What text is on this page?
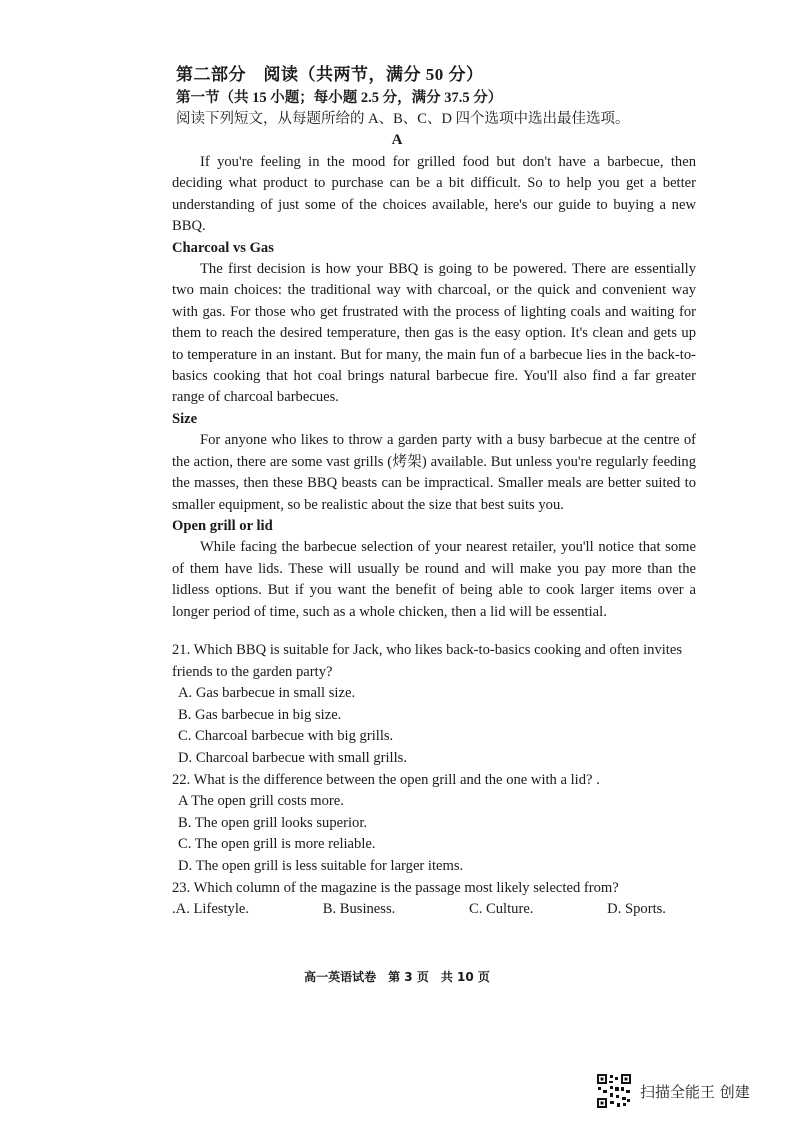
第二部分　阅读（共两节，满分 50 分）
第一节（共 15 小题；每小题 2.5 分，满分 37.5 分）
阅读下列短文，从每题所给的 A、B、C、D 四个选项中选出最佳选项。
A

If you're feeling in the mood for grilled food but don't have a barbecue, then deciding what product to purchase can be a bit difficult. So to help you get a better understanding of just some of the choices available, here's our guide to buying a new BBQ.

Charcoal vs Gas

The first decision is how your BBQ is going to be powered. There are essentially two main choices: the traditional way with charcoal, or the quick and convenient way with gas. For those who get frustrated with the process of lighting coals and waiting for them to reach the desired temperature, then gas is the easy option. It's clean and gets up to temperature in an instant. But for many, the main fun of a barbecue lies in the back-to-basics cooking that hot coal brings natural barbecue fire. You'll also find a far greater range of charcoal barbecues.

Size

For anyone who likes to throw a garden party with a busy barbecue at the centre of the action, there are some vast grills (烤架) available. But unless you're regularly feeding the masses, then these BBQ beasts can be impractical. Smaller meals are better suited to smaller equipment, so be realistic about the size that best suits you.

Open grill or lid

While facing the barbecue selection of your nearest retailer, you'll notice that some of them have lids. These will usually be round and will make you pay more than the lidless options. But if you want the benefit of being able to cook larger items over a longer period of time, such as a whole chicken, then a lid will be essential.

21. Which BBQ is suitable for Jack, who likes back-to-basics cooking and often invites friends to the garden party?
A. Gas barbecue in small size.
B. Gas barbecue in big size.
C. Charcoal barbecue with big grills.
D. Charcoal barbecue with small grills.
22. What is the difference between the open grill and the one with a lid? .
A The open grill costs more.
B. The open grill looks superior.
C. The open grill is more reliable.
D. The open grill is less suitable for larger items.
23. Which column of the magazine is the passage most likely selected from?
.A. Lifestyle.	B. Business.	C. Culture.	D. Sports.
高一英语试卷　第 3 页　共 10 页
扫描全能王 创建
